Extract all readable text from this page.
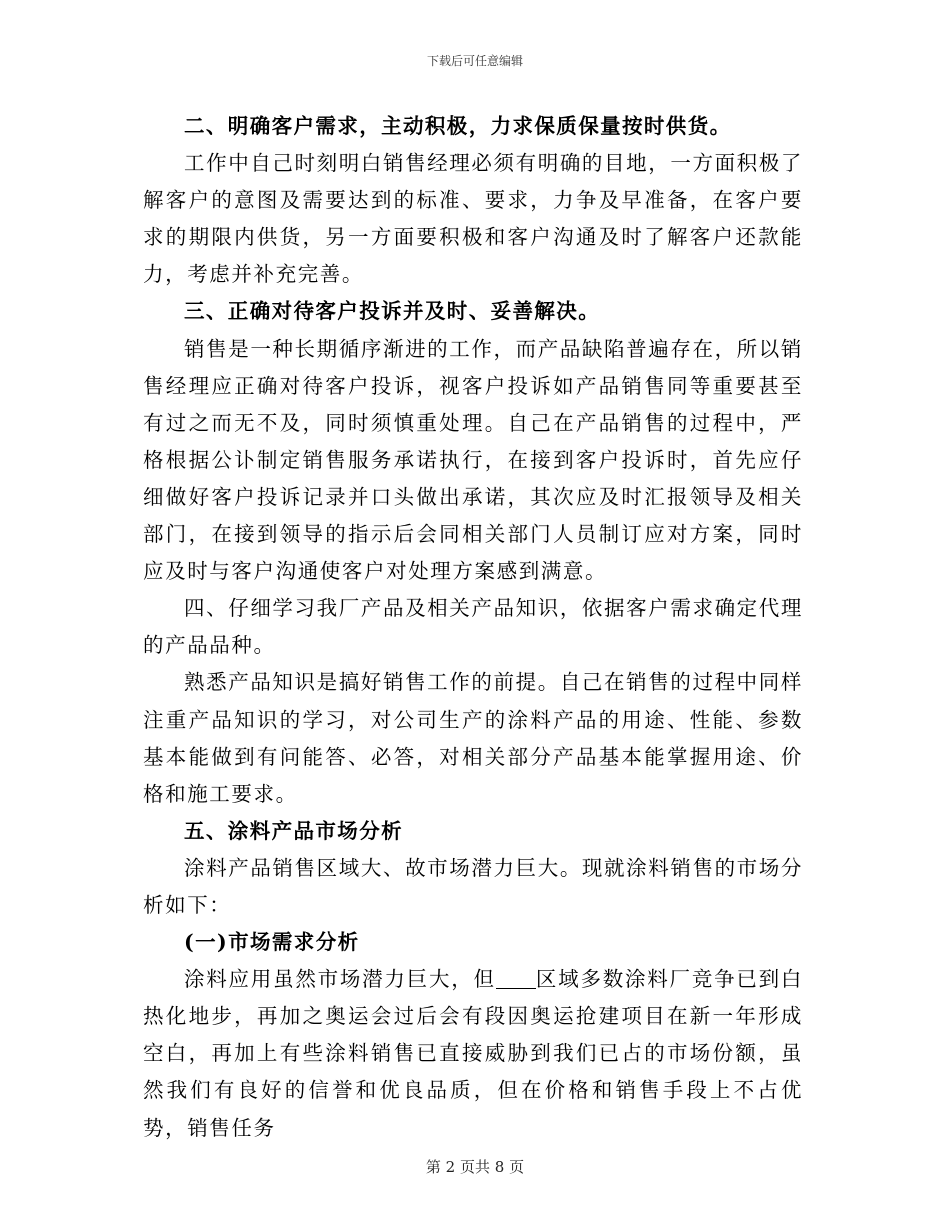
下载后可任意编辑

二、明确客户需求，主动积极，力求保质保量按时供货。

工作中自己时刻明白销售经理必须有明确的目地，一方面积极了解客户的意图及需要达到的标准、要求，力争及早准备，在客户要求的期限内供货，另一方面要积极和客户沟通及时了解客户还款能力，考虑并补充完善。

三、正确对待客户投诉并及时、妥善解决。

销售是一种长期循序渐进的工作，而产品缺陷普遍存在，所以销售经理应正确对待客户投诉，视客户投诉如产品销售同等重要甚至有过之而无不及，同时须慎重处理。自己在产品销售的过程中，严格根据公讣制定销售服务承诺执行，在接到客户投诉时，首先应仔细做好客户投诉记录并口头做出承诺，其次应及时汇报领导及相关部门，在接到领导的指示后会同相关部门人员制订应对方案，同时应及时与客户沟通使客户对处理方案感到满意。

四、仔细学习我厂产品及相关产品知识，依据客户需求确定代理的产品品种。

熟悉产品知识是搞好销售工作的前提。自己在销售的过程中同样注重产品知识的学习，对公司生产的涂料产品的用途、性能、参数基本能做到有问能答、必答，对相关部分产品基本能掌握用途、价格和施工要求。

五、涂料产品市场分析

涂料产品销售区域大、故市场潜力巨大。现就涂料销售的市场分析如下：

(一)市场需求分析

涂料应用虽然市场潜力巨大，但 区域多数涂料厂竞争已到白热化地步，再加之奥运会过后会有段因奥运抢建项目在新一年形成空白，再加上有些涂料销售已直接威胁到我们已占的市场份额，虽然我们有良好的信誉和优良品质，但在价格和销售手段上不占优势，销售任务

第 2 页共 8 页
